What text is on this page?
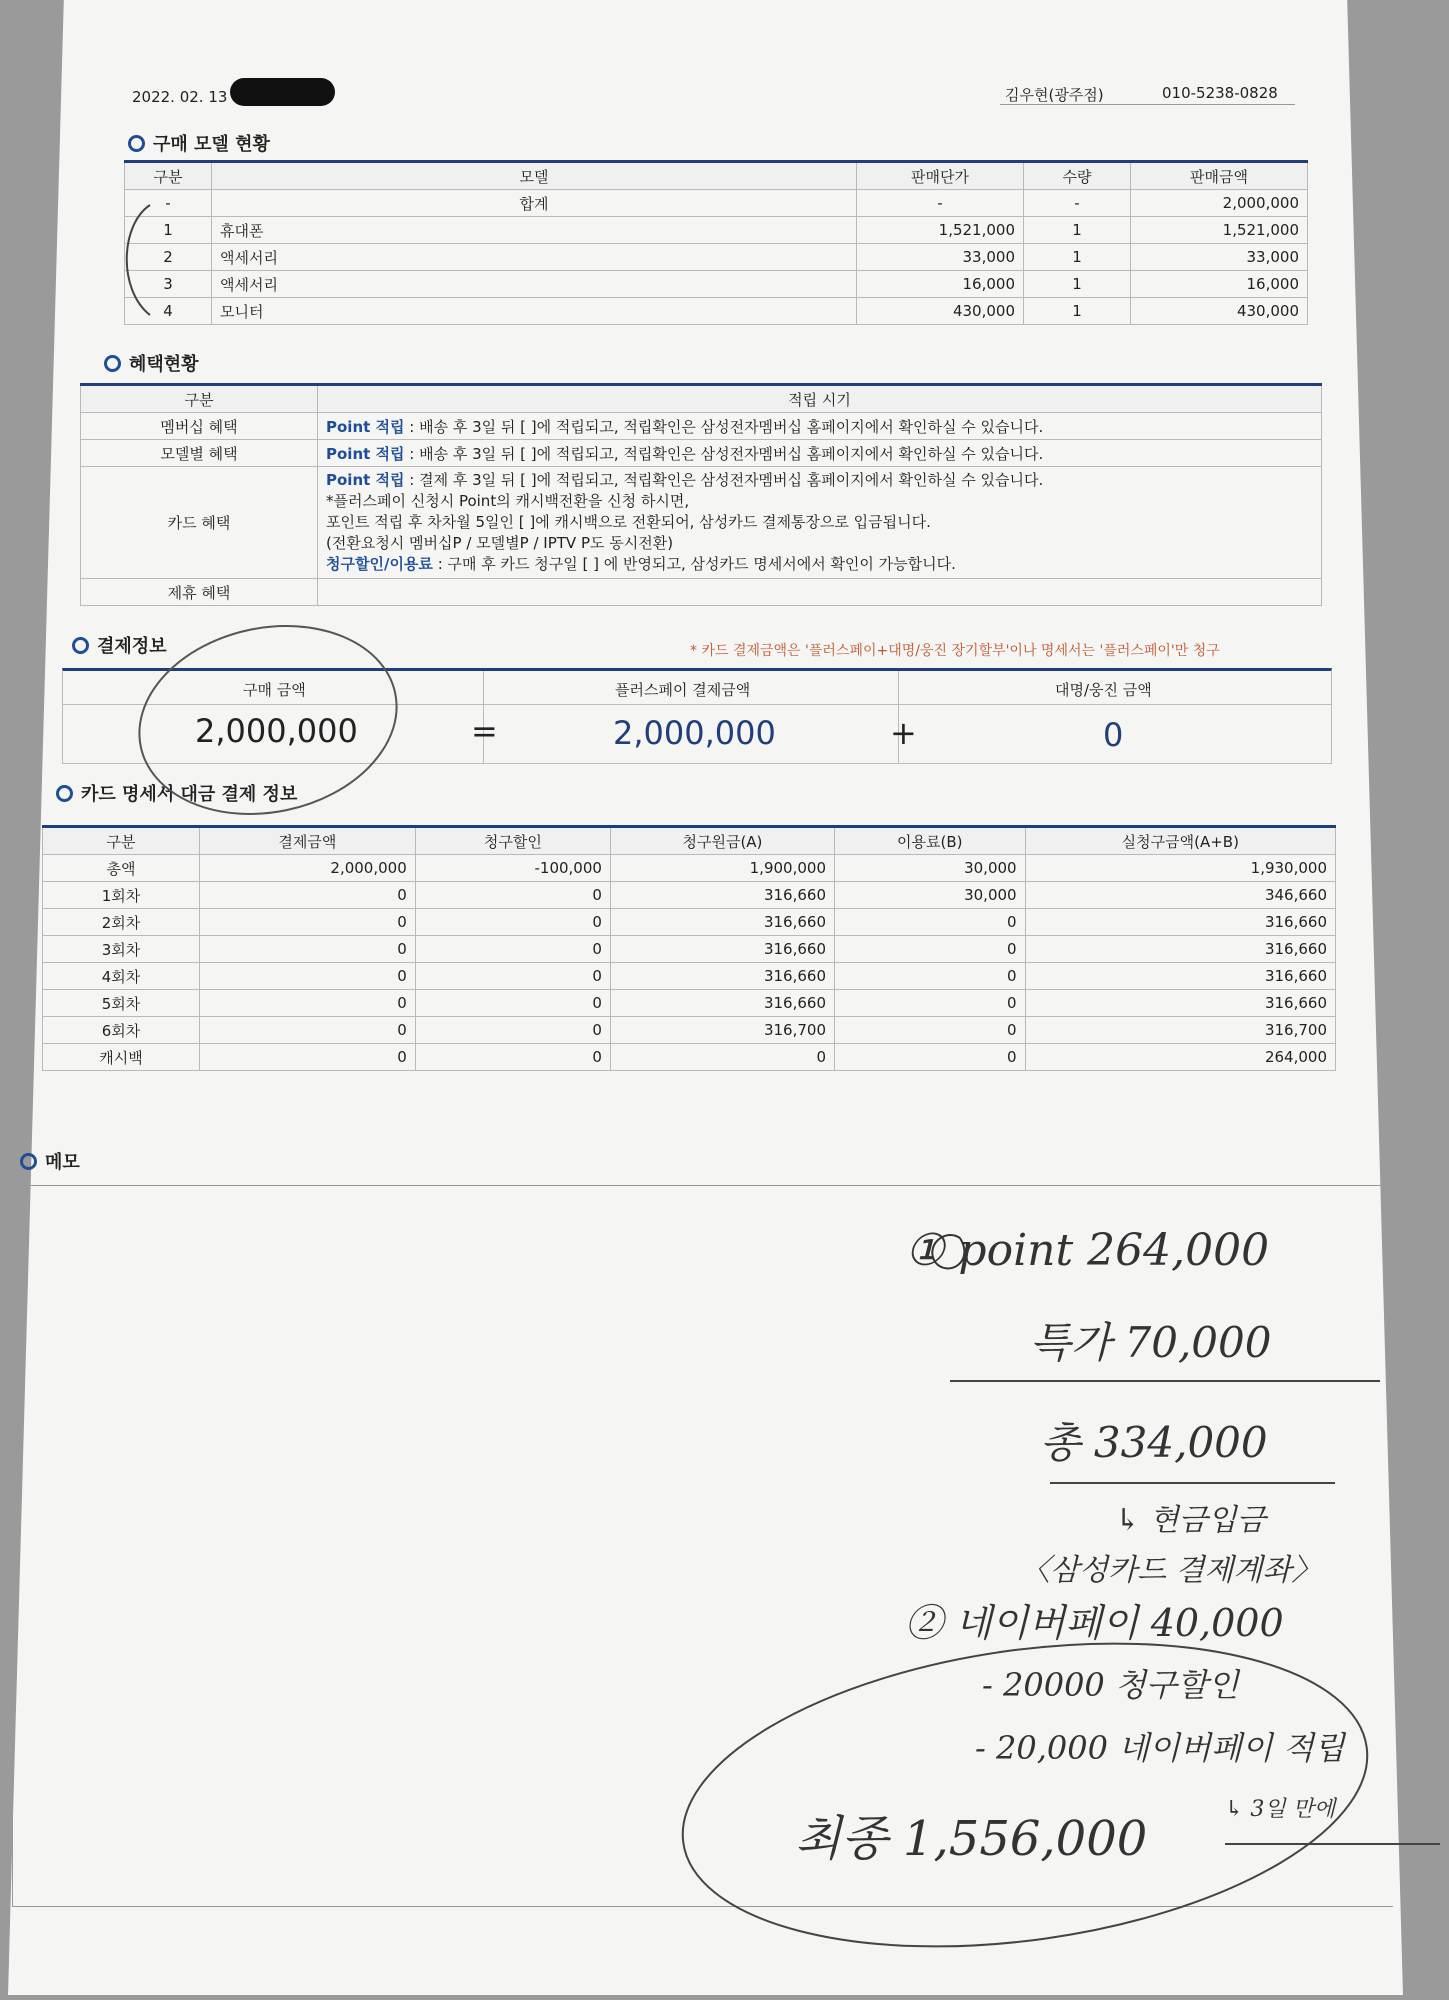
2022. 02. 13	김우현(광주점)	010-5238-0828
구매 모델 현황
구분	모델	판매단가	수량	판매금액
-	합계	-	-	2,000,000
1	휴대폰	1,521,000	1	1,521,000
2	액세서리	33,000	1	33,000
3	액세서리	16,000	1	16,000
4	모니터	430,000	1	430,000
혜택현황
구분	적립 시기
멤버십 혜택	Point 적립 : 배송 후 3일 뒤 [ ]에 적립되고, 적립확인은 삼성전자멤버십 홈페이지에서 확인하실 수 있습니다.
모델별 혜택	Point 적립 : 배송 후 3일 뒤 [ ]에 적립되고, 적립확인은 삼성전자멤버십 홈페이지에서 확인하실 수 있습니다.
카드 혜택	Point 적립 : 결제 후 3일 뒤 [ ]에 적립되고, 적립확인은 삼성전자멤버십 홈페이지에서 확인하실 수 있습니다.
*플러스페이 신청시 Point의 캐시백전환을 신청 하시면,
포인트 적립 후 차차월 5일인 [ ]에 캐시백으로 전환되어, 삼성카드 결제통장으로 입금됩니다.
(전환요청시 멤버십P / 모델별P / IPTV P도 동시전환)
청구할인/이용료 : 구매 후 카드 청구일 [ ] 에 반영되고, 삼성카드 명세서에서 확인이 가능합니다.

제휴 혜택	
결제정보	* 카드 결제금액은 '플러스페이+대명/웅진 장기할부'이나 명세서는 '플러스페이'만 청구
구매 금액	플러스페이 결제금액	대명/웅진 금액
2,000,000	=	2,000,000	+	0
카드 명세서 대금 결제 정보
구분	결제금액	청구할인	청구원금(A)	이용료(B)	실청구금액(A+B)
총액	2,000,000	-100,000	1,900,000	30,000	1,930,000
1회차	0	0	316,660	30,000	346,660
2회차	0	0	316,660	0	316,660
3회차	0	0	316,660	0	316,660
4회차	0	0	316,660	0	316,660
5회차	0	0	316,660	0	316,660
6회차	0	0	316,700	0	316,700
캐시백	0	0	0	0	264,000
메모
① point 264,000
특가 70,000
총 334,000
↳ 현금입금
〈삼성카드 결제계좌〉
② 네이버페이 40,000
- 20000 청구할인
- 20,000 네이버페이 적립
최종 1,556,000
↳ 3일 만에
